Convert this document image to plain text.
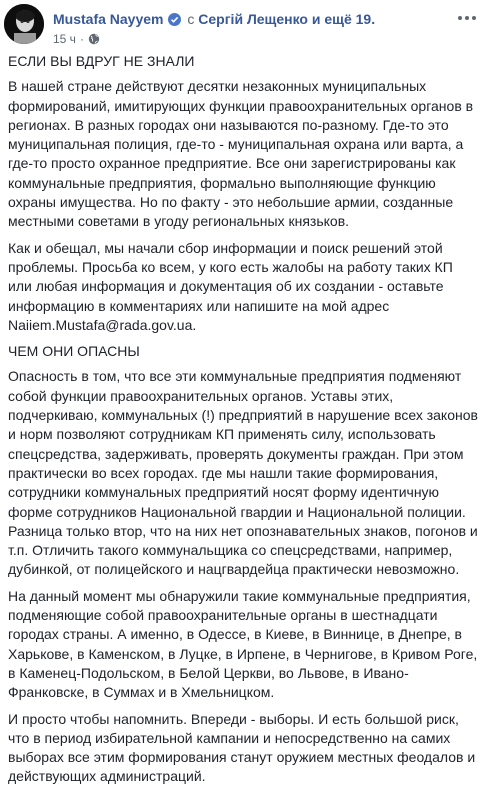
Mustafa Nayyem с Сергій Лещенко и ещё 19.
15 ч ·

ЕСЛИ ВЫ ВДРУГ НЕ ЗНАЛИ

В нашей стране действуют десятки незаконных муниципальных формирований, имитирующих функции правоохранительных органов в регионах. В разных городах они называются по-разному. Где-то это муниципальная полиция, где-то - муниципальная охрана или варта, а где-то просто охранное предприятие. Все они зарегистрированы как коммунальные предприятия, формально выполняющие функцию охраны имущества. Но по факту - это небольшие армии, созданные местными советами в угоду региональных князьков.

Как и обещал, мы начали сбор информации и поиск решений этой проблемы. Просьба ко всем, у кого есть жалобы на работу таких КП или любая информация и документация об их создании - оставьте информацию в комментариях или напишите на мой адрес Naiiem.Mustafa@rada.gov.ua.

ЧЕМ ОНИ ОПАСНЫ

Опасность в том, что все эти коммунальные предприятия подменяют собой функции правоохранительных органов. Уставы этих, подчеркиваю, коммунальных (!) предприятий в нарушение всех законов и норм позволяют сотрудникам КП применять силу, использовать спецсредства, задерживать, проверять документы граждан. При этом практически во всех городах. где мы нашли такие формирования, сотрудники коммунальных предприятий носят форму идентичную форме сотрудников Национальной гвардии и Национальной полиции. Разница только втор, что на них нет опознавательных знаков, погонов и т.п. Отличить такого коммунальщика со спецсредствами, например, дубинкой, от полицейского и нацгвардейца практически невозможно.

На данный момент мы обнаружили такие коммунальные предприятия, подменяющие собой правоохранительные органы в шестнадцати городах страны. А именно, в Одессе, в Киеве, в Виннице, в Днепре, в Харькове, в Каменском, в Луцке, в Ирпене, в Чернигове, в Кривом Роге, в Каменец-Подольском, в Белой Церкви, во Львове, в Ивано-Франковске, в Суммах и в Хмельницком.

И просто чтобы напомнить. Впереди - выборы. И есть большой риск, что в период избирательной кампании и непосредственно на самих выборах все этим формирования станут оружием местных феодалов и действующих администраций.
